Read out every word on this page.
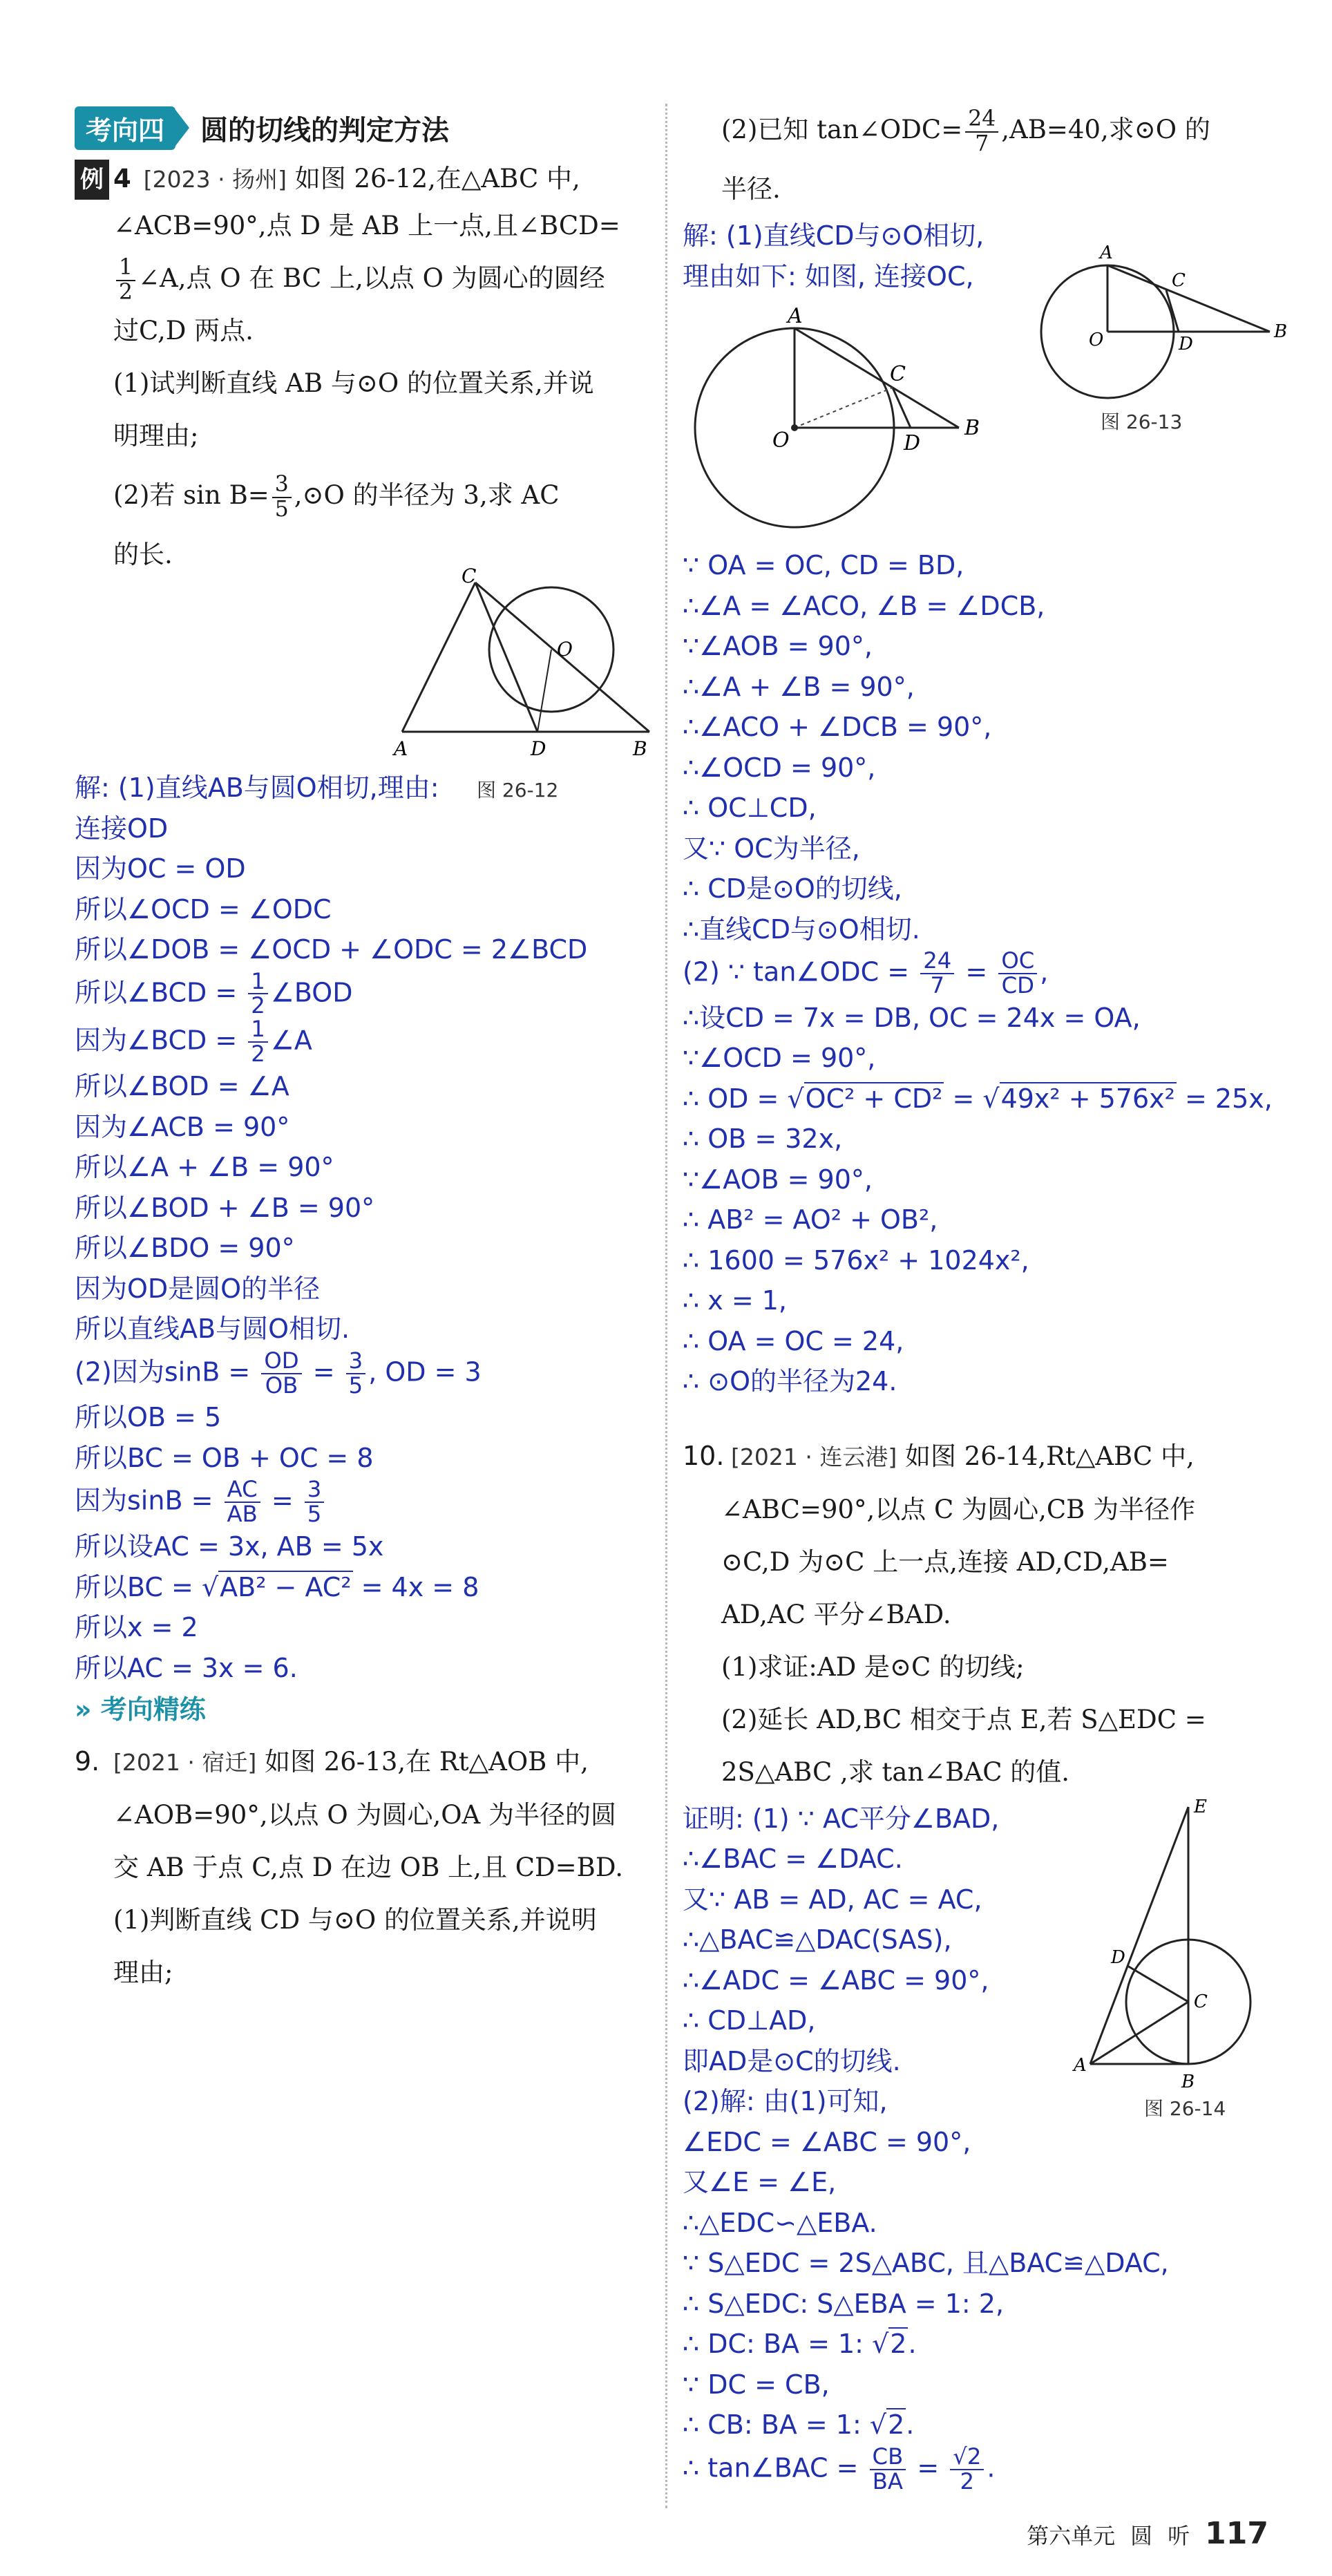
考向四	圆的切线的判定方法
例 4 [2023 · 扬州] 如图 26-12,在△ABC 中,
∠ACB=90°,点 D 是 AB 上一点,且∠BCD=
$\frac{1}{2}$ ∠A,点 O 在 BC 上,以点 O 为圆心的圆经
过C,D 两点.
(1)试判断直线 AB 与⊙O 的位置关系,并说
明理由;
(2)若 $\sin B= \frac{3}{5}$ ,⊙O 的半径为 3,求 AC
的长.
C
O
A	D	B
解: (1)直线AB与圆O相切,理由: 图 26-12
连接OD
因为OC = OD
所以∠OCD = ∠ODC
所以∠DOB = ∠OCD + ∠ODC = 2∠BCD
所以∠BCD = $\frac{1}{2}$ ∠BOD
因为∠BCD = $\frac{1}{2}$ ∠A
所以∠BOD = ∠A
因为∠ACB = 90°
所以∠A + ∠B = 90°
所以∠BOD + ∠B = 90°
所以∠BDO = 90°
因为OD是圆O的半径
所以直线AB与圆O相切.
(2)因为$\sin B = \frac{OD}{OB} = \frac{3}{5}$ , OD = 3
所以OB = 5
所以BC = OB + OC = 8
因为$\sin B = \frac{AC}{AB} = \frac{3}{5}$
所以设AC = 3x, AB = 5x
所以BC = √AB² − AC² = 4x = 8
所以x = 2
所以AC = 3x = 6.
» 考向精练
9. [2021 · 宿迁] 如图 26-13,在 Rt△AOB 中,
∠AOB=90°,以点 O 为圆心,OA 为半径的圆
交 AB 于点 C,点 D 在边 OB 上,且 CD=BD.
(1)判断直线 CD 与⊙O 的位置关系,并说明
理由;
(2)已知 tan∠ODC= $\frac{24}{7} ,AB=40$,求⊙O 的
半径.
解: (1)直线CD与⊙O相切,
理由如下: 如图, 连接OC,
A
C
O	D
B
图 26-13
A
C
O	D
B
∵ OA = OC, CD = BD,
∴∠A = ∠ACO, ∠B = ∠DCB,
∵∠AOB = 90°,
∴∠A + ∠B = 90°,
∴∠ACO + ∠DCB = 90°,
∴∠OCD = 90°,
∴ OC⊥CD,
又∵ OC为半径,
∴ CD是⊙O的切线,
∴直线CD与⊙O相切.
(2) ∵ tan∠ODC = $\frac{24}{7} = \frac{OC}{CD}$ ,
∴设CD = 7x = DB, OC = 24x = OA,
∵∠OCD = 90°,
∴ OD = √OC² + CD² = √49x² + 576x² = 25x,
∴ OB = 32x,
∵∠AOB = 90°,
∴ AB² = AO² + OB²,
∴ 1600 = 576x² + 1024x²,
∴ x = 1,
∴ OA = OC = 24,
∴ ⊙O的半径为24.
10. [2021 · 连云港] 如图 26-14,Rt△ABC 中,
∠ABC=90°,以点 C 为圆心,CB 为半径作
⊙C,D 为⊙C 上一点,连接 AD,CD,AB=
AD,AC 平分∠BAD.
(1)求证:AD 是⊙C 的切线;
(2)延长 AD,BC 相交于点 E,若 S△EDC =
2S△ABC ,求 tan∠BAC 的值.
E
D
C
A
B
图 26-14
证明: (1) ∵ AC平分∠BAD,
∴∠BAC = ∠DAC.
又∵ AB = AD, AC = AC,
∴△BAC≌△DAC(SAS),
∴∠ADC = ∠ABC = 90°,
∴ CD⊥AD,
即AD是⊙C的切线.
(2)解: 由(1)可知,
∠EDC = ∠ABC = 90°,
又∠E = ∠E,
∴△EDC∽△EBA.
∵ S△EDC = 2S△ABC, 且△BAC≌△DAC,
∴ S△EDC: S△EBA = 1: 2,
∴ DC: BA = 1: √2.
∵ DC = CB,
∴ CB: BA = 1: √2.
∴ tan∠BAC = $\frac{CB}{BA} = \frac{√2}{2}$ .
第六单元 圆 听 117
